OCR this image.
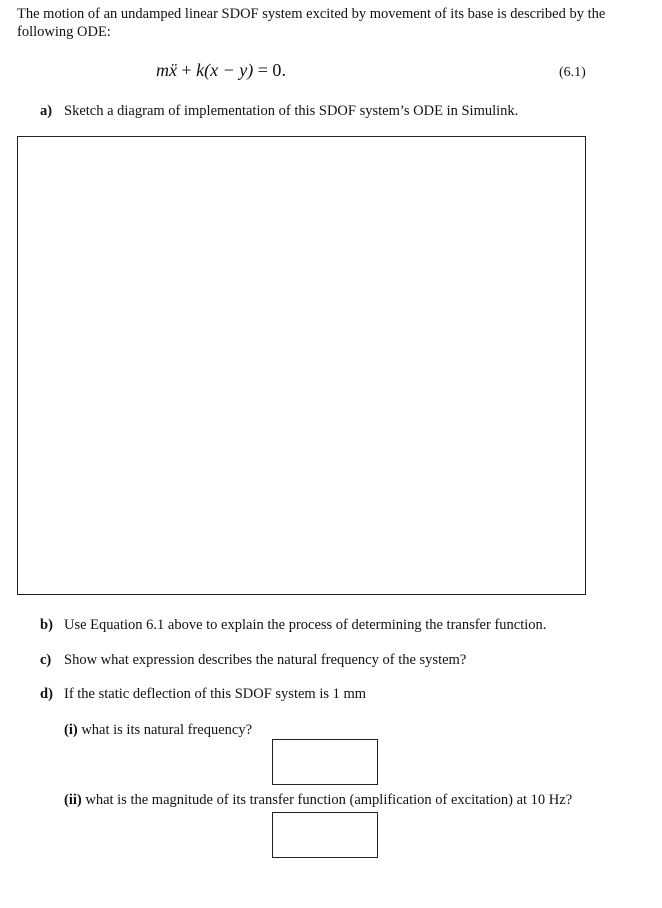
The motion of an undamped linear SDOF system excited by movement of its base is described by the following ODE:
mẍ + k(x − y) = 0.	(6.1)
a) Sketch a diagram of implementation of this SDOF system’s ODE in Simulink.
b) Use Equation 6.1 above to explain the process of determining the transfer function.
c) Show what expression describes the natural frequency of the system?
d) If the static deflection of this SDOF system is 1 mm
(i) what is its natural frequency?
(ii) what is the magnitude of its transfer function (amplification of excitation) at 10 Hz?
